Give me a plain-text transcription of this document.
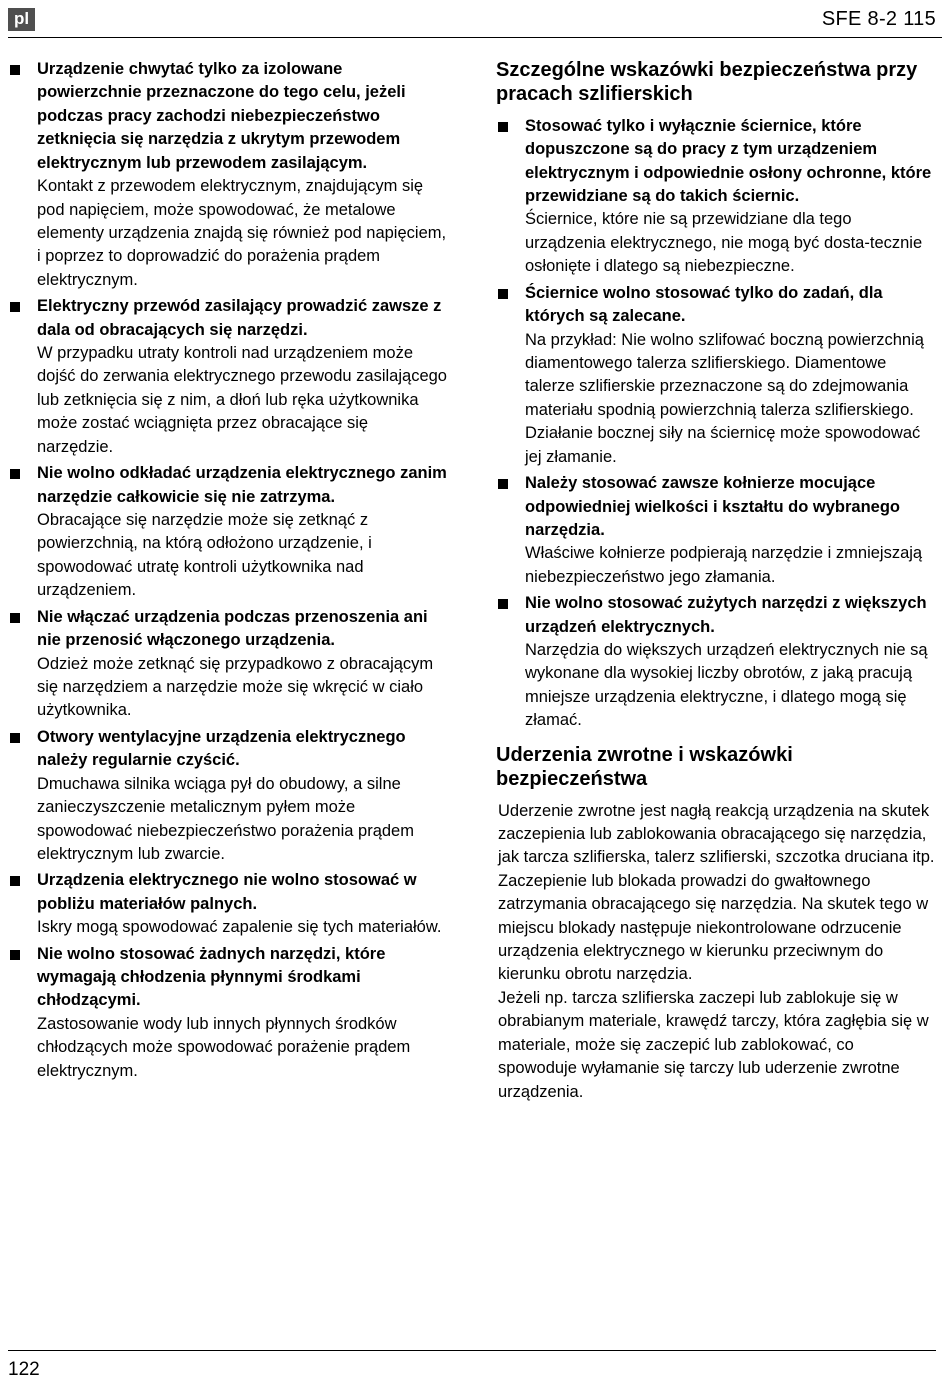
pl	SFE 8-2 115

Urządzenie chwytać tylko za izolowane powierzchnie przeznaczone do tego celu, jeżeli podczas pracy zachodzi niebezpieczeństwo zetknięcia się narzędzia z ukrytym przewodem elektrycznym lub przewodem zasilającym.

Kontakt z przewodem elektrycznym, znajdującym się pod napięciem, może spowodować, że metalowe elementy urządzenia znajdą się również pod napięciem, i poprzez to doprowadzić do porażenia prądem elektrycznym.

Elektryczny przewód zasilający prowadzić zawsze z dala od obracających się narzędzi.

W przypadku utraty kontroli nad urządzeniem może dojść do zerwania elektrycznego przewodu zasilającego lub zetknięcia się z nim, a dłoń lub ręka użytkownika może zostać wciągnięta przez obracające się narzędzie.

Nie wolno odkładać urządzenia elektrycznego zanim narzędzie całkowicie się nie zatrzyma.

Obracające się narzędzie może się zetknąć z powierzchnią, na którą odłożono urządzenie, i spowodować utratę kontroli użytkownika nad urządzeniem.

Nie włączać urządzenia podczas przenoszenia ani nie przenosić włączonego urządzenia.

Odzież może zetknąć się przypadkowo z obracającym się narzędziem a narzędzie może się wkręcić w ciało użytkownika.

Otwory wentylacyjne urządzenia elektrycznego należy regularnie czyścić.

Dmuchawa silnika wciąga pył do obudowy, a silne zanieczyszczenie metalicznym pyłem może spowodować niebezpieczeństwo porażenia prądem elektrycznym lub zwarcie.

Urządzenia elektrycznego nie wolno stosować w pobliżu materiałów palnych.

Iskry mogą spowodować zapalenie się tych materiałów.

Nie wolno stosować żadnych narzędzi, które wymagają chłodzenia płynnymi środkami chłodzącymi.

Zastosowanie wody lub innych płynnych środków chłodzących może spowodować porażenie prądem elektrycznym.

Szczególne wskazówki bezpieczeństwa przy pracach szlifierskich

Stosować tylko i wyłącznie ściernice, które dopuszczone są do pracy z tym urządzeniem elektrycznym i odpowiednie osłony ochronne, które przewidziane są do takich ściernic.

Ściernice, które nie są przewidziane dla tego urządzenia elektrycznego, nie mogą być dosta-tecznie osłonięte i dlatego są niebezpieczne.

Ściernice wolno stosować tylko do zadań, dla których są zalecane.

Na przykład: Nie wolno szlifować boczną powierzchnią diamentowego talerza szlifierskiego. Diamentowe talerze szlifierskie przeznaczone są do zdejmowania materiału spodnią powierzchnią talerza szlifierskiego. Działanie bocznej siły na ściernicę może spowodować jej złamanie.

Należy stosować zawsze kołnierze mocujące odpowiedniej wielkości i kształtu do wybranego narzędzia.

Właściwe kołnierze podpierają narzędzie i zmniejszają niebezpieczeństwo jego złamania.

Nie wolno stosować zużytych narzędzi z większych urządzeń elektrycznych.

Narzędzia do większych urządzeń elektrycznych nie są wykonane dla wysokiej liczby obrotów, z jaką pracują mniejsze urządzenia elektryczne, i dlatego mogą się złamać.

Uderzenia zwrotne i wskazówki bezpieczeństwa

Uderzenie zwrotne jest nagłą reakcją urządzenia na skutek zaczepienia lub zablokowania obracającego się narzędzia, jak tarcza szlifierska, talerz szlifierski, szczotka druciana itp.

Zaczepienie lub blokada prowadzi do gwałtownego zatrzymania obracającego się narzędzia. Na skutek tego w miejscu blokady następuje niekontrolowane odrzucenie urządzenia elektrycznego w kierunku przeciwnym do kierunku obrotu narzędzia.

Jeżeli np. tarcza szlifierska zaczepi lub zablokuje się w obrabianym materiale, krawędź tarczy, która zagłębia się w materiale, może się zaczepić lub zablokować, co spowoduje wyłamanie się tarczy lub uderzenie zwrotne urządzenia.

122
